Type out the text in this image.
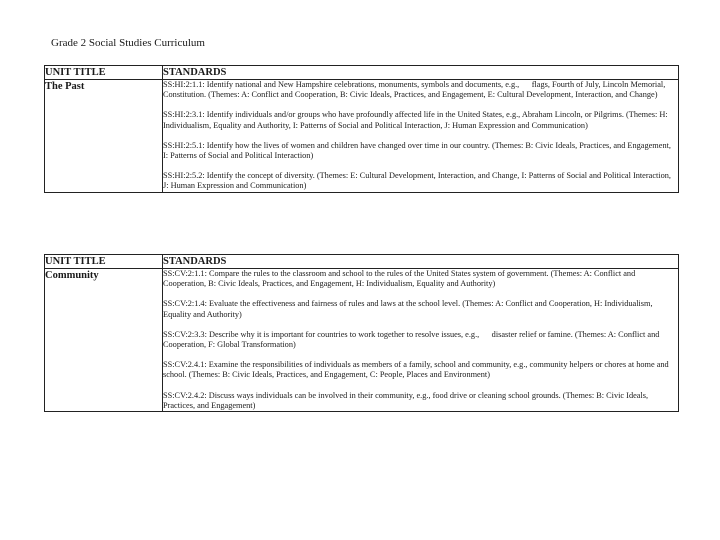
Grade 2 Social Studies Curriculum
UNIT TITLE	STANDARDS
The Past	SS:HI:2:1.1: Identify national and New Hampshire celebrations, monuments, symbols and documents, e.g.,      flags, Fourth of July, Lincoln Memorial, Constitution. (Themes: A: Conflict and Cooperation, B: Civic Ideals, Practices, and Engagement, E: Cultural Development, Interaction, and Change)
SS:HI:2:3.1: Identify individuals and/or groups who have profoundly affected life in the United States, e.g., Abraham Lincoln, or Pilgrims. (Themes: H: Individualism, Equality and Authority, I: Patterns of Social and Political Interaction, J: Human Expression and Communication)
SS:HI:2:5.1: Identify how the lives of women and children have changed over time in our country. (Themes: B: Civic Ideals, Practices, and Engagement, I: Patterns of Social and Political Interaction)
SS:HI:2:5.2: Identify the concept of diversity. (Themes: E: Cultural Development, Interaction, and Change, I: Patterns of Social and Political Interaction, J: Human Expression and Communication)
UNIT TITLE	STANDARDS
Community	SS:CV:2:1.1: Compare the rules to the classroom and school to the rules of the United States system of government. (Themes: A: Conflict and Cooperation, B: Civic Ideals, Practices, and Engagement, H: Individualism, Equality and Authority)
SS:CV:2:1.4: Evaluate the effectiveness and fairness of rules and laws at the school level. (Themes: A: Conflict and Cooperation, H: Individualism, Equality and Authority)
SS:CV:2:3.3: Describe why it is important for countries to work together to resolve issues, e.g.,      disaster relief or famine. (Themes: A: Conflict and Cooperation, F: Global Transformation)
SS:CV:2.4.1: Examine the responsibilities of individuals as members of a family, school and community, e.g., community helpers or chores at home and school. (Themes: B: Civic Ideals, Practices, and Engagement, C: People, Places and Environment)
SS:CV:2.4.2: Discuss ways individuals can be involved in their community, e.g., food drive or cleaning school grounds. (Themes: B: Civic Ideals, Practices, and Engagement)
